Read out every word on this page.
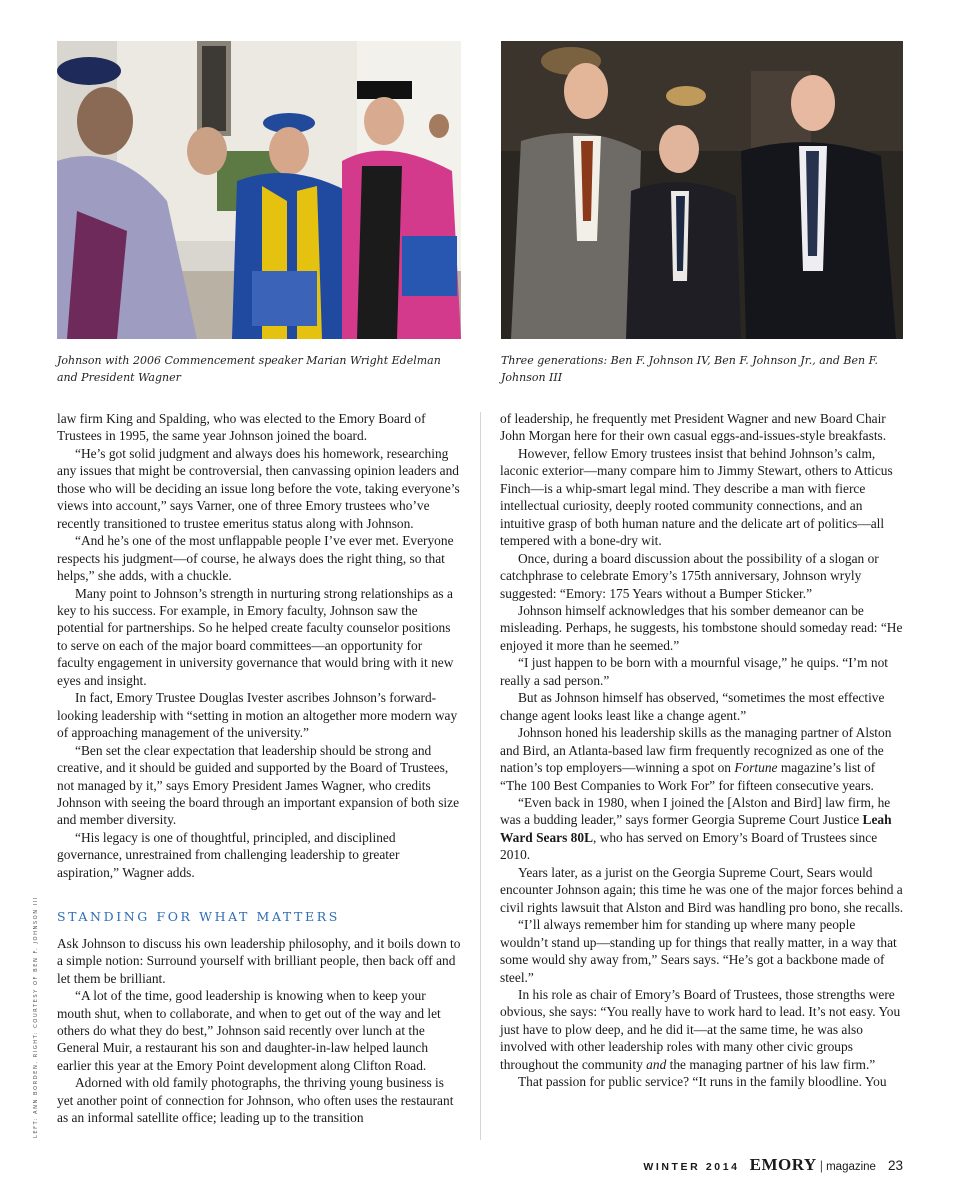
Johnson with 2006 Commencement speaker Marian Wright Edelman and President Wagner
Three generations: Ben F. Johnson IV, Ben F. Johnson Jr., and Ben F. Johnson III
LEFT: ANN BORDEN. RIGHT: COURTESY OF BEN F. JOHNSON III

law firm King and Spalding, who was elected to the Emory Board of Trustees in 1995, the same year Johnson joined the board.

“He’s got solid judgment and always does his homework, researching any issues that might be controversial, then canvassing opinion leaders and those who will be deciding an issue long before the vote, taking everyone’s views into account,” says Varner, one of three Emory trustees who’ve recently transitioned to trustee emeritus status along with Johnson.

“And he’s one of the most unflappable people I’ve ever met. Everyone respects his judgment—of course, he always does the right thing, so that helps,” she adds, with a chuckle.

Many point to Johnson’s strength in nurturing strong relationships as a key to his success. For example, in Emory faculty, Johnson saw the potential for partnerships. So he helped create faculty counselor positions to serve on each of the major board committees—an opportunity for faculty engagement in university governance that would bring with it new eyes and insight.

In fact, Emory Trustee Douglas Ivester ascribes Johnson’s forward-looking leadership with “setting in motion an altogether more modern way of approaching management of the university.”

“Ben set the clear expectation that leadership should be strong and creative, and it should be guided and supported by the Board of Trustees, not managed by it,” says Emory President James Wagner, who credits Johnson with seeing the board through an important expansion of both size and member diversity.

“His legacy is one of thoughtful, principled, and disciplined governance, unrestrained from challenging leadership to greater aspiration,” Wagner adds.

STANDING FOR WHAT MATTERS

Ask Johnson to discuss his own leadership philosophy, and it boils down to a simple notion: Surround yourself with brilliant people, then back off and let them be brilliant.

“A lot of the time, good leadership is knowing when to keep your mouth shut, when to collaborate, and when to get out of the way and let others do what they do best,” Johnson said recently over lunch at the General Muir, a restaurant his son and daughter-in-law helped launch earlier this year at the Emory Point development along Clifton Road.

Adorned with old family photographs, the thriving young business is yet another point of connection for Johnson, who often uses the restaurant as an informal satellite office; leading up to the transition

of leadership, he frequently met President Wagner and new Board Chair John Morgan here for their own casual eggs-and-issues-style breakfasts.

However, fellow Emory trustees insist that behind Johnson’s calm, laconic exterior—many compare him to Jimmy Stewart, others to Atticus Finch—is a whip-smart legal mind. They describe a man with fierce intellectual curiosity, deeply rooted community connections, and an intuitive grasp of both human nature and the delicate art of politics—all tempered with a bone-dry wit.

Once, during a board discussion about the possibility of a slogan or catchphrase to celebrate Emory’s 175th anniversary, Johnson wryly suggested: “Emory: 175 Years without a Bumper Sticker.”

Johnson himself acknowledges that his somber demeanor can be misleading. Perhaps, he suggests, his tombstone should someday read: “He enjoyed it more than he seemed.”

“I just happen to be born with a mournful visage,” he quips. “I’m not really a sad person.”

But as Johnson himself has observed, “sometimes the most effective change agent looks least like a change agent.”

Johnson honed his leadership skills as the managing partner of Alston and Bird, an Atlanta-based law firm frequently recognized as one of the nation’s top employers—winning a spot on Fortune magazine’s list of “The 100 Best Companies to Work For” for fifteen consecutive years.

“Even back in 1980, when I joined the [Alston and Bird] law firm, he was a budding leader,” says former Georgia Supreme Court Justice Leah Ward Sears 80L, who has served on Emory’s Board of Trustees since 2010.

Years later, as a jurist on the Georgia Supreme Court, Sears would encounter Johnson again; this time he was one of the major forces behind a civil rights lawsuit that Alston and Bird was handling pro bono, she recalls.

“I’ll always remember him for standing up where many people wouldn’t stand up—standing up for things that really matter, in a way that some would shy away from,” Sears says. “He’s got a backbone made of steel.”

In his role as chair of Emory’s Board of Trustees, those strengths were obvious, she says: “You really have to work hard to lead. It’s not easy. You just have to plow deep, and he did it—at the same time, he was also involved with other leadership roles with many other civic groups throughout the community and the managing partner of his law firm.”

That passion for public service? “It runs in the family bloodline. You

WINTER 2014 EMORY | magazine 23
